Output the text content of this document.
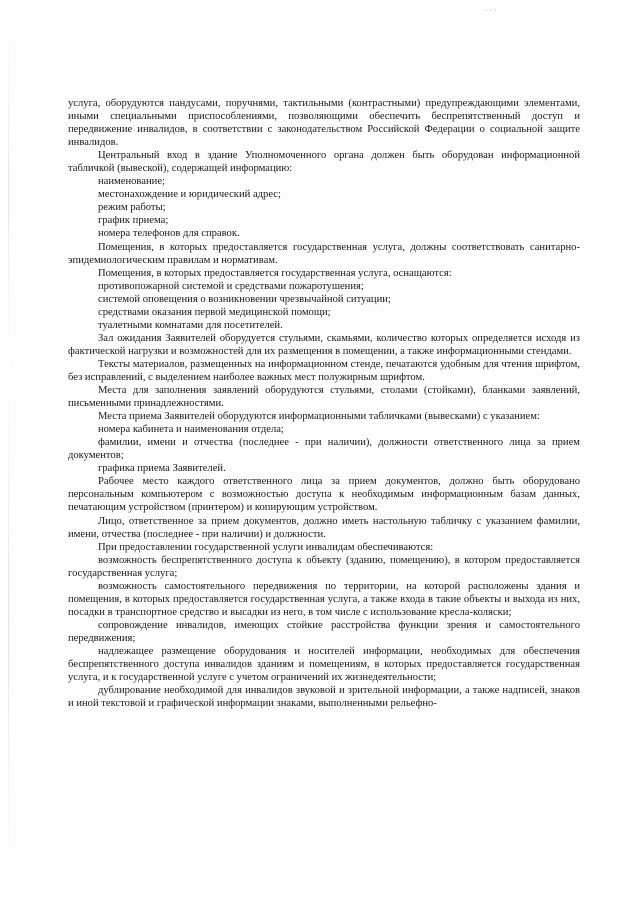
· · ·

услуга, оборудуются пандусами, поручнями, тактильными (контрастными) предупреждающими элементами, иными специальными приспособлениями, позволяющими обеспечить беспрепятственный доступ и передвижение инвалидов, в соответствии с законодательством Российской Федерации о социальной защите инвалидов.

Центральный вход в здание Уполномоченного органа должен быть оборудован информационной табличкой (вывеской), содержащей информацию:

наименование;

местонахождение и юридический адрес;

режим работы;

график приема;

номера телефонов для справок.

Помещения, в которых предоставляется государственная услуга, должны соответствовать санитарно-эпидемиологическим правилам и нормативам.

Помещения, в которых предоставляется государственная услуга, оснащаются:

противопожарной системой и средствами пожаротушения;

системой оповещения о возникновении чрезвычайной ситуации;

средствами оказания первой медицинской помощи;

туалетными комнатами для посетителей.

Зал ожидания Заявителей оборудуется стульями, скамьями, количество которых определяется исходя из фактической нагрузки и возможностей для их размещения в помещении, а также информационными стендами.

Тексты материалов, размещенных на информационном стенде, печатаются удобным для чтения шрифтом, без исправлений, с выделением наиболее важных мест полужирным шрифтом.

Места для заполнения заявлений оборудуются стульями, столами (стойками), бланками заявлений, письменными принадлежностями.

Места приема Заявителей оборудуются информационными табличками (вывесками) с указанием:

номера кабинета и наименования отдела;

фамилии, имени и отчества (последнее - при наличии), должности ответственного лица за прием документов;

графика приема Заявителей.

Рабочее место каждого ответственного лица за прием документов, должно быть оборудовано персональным компьютером с возможностью доступа к необходимым информационным базам данных, печатающим устройством (принтером) и копирующим устройством.

Лицо, ответственное за прием документов, должно иметь настольную табличку с указанием фамилии, имени, отчества (последнее - при наличии) и должности.

При предоставлении государственной услуги инвалидам обеспечиваются:

возможность беспрепятственного доступа к объекту (зданию, помещению), в котором предоставляется государственная услуга;

возможность самостоятельного передвижения по территории, на которой расположены здания и помещения, в которых предоставляется государственная услуга, а также входа в такие объекты и выхода из них, посадки в транспортное средство и высадки из него, в том числе с использование кресла-коляски;

сопровождение инвалидов, имеющих стойкие расстройства функции зрения и самостоятельного передвижения;

надлежащее размещение оборудования и носителей информации, необходимых для обеспечения беспрепятственного доступа инвалидов зданиям и помещениям, в которых предоставляется государственная услуга, и к государственной услуге с учетом ограничений их жизнедеятельности;

дублирование необходимой для инвалидов звуковой и зрительной информации, а также надписей, знаков и иной текстовой и графической информации знаками, выполненными рельефно-
